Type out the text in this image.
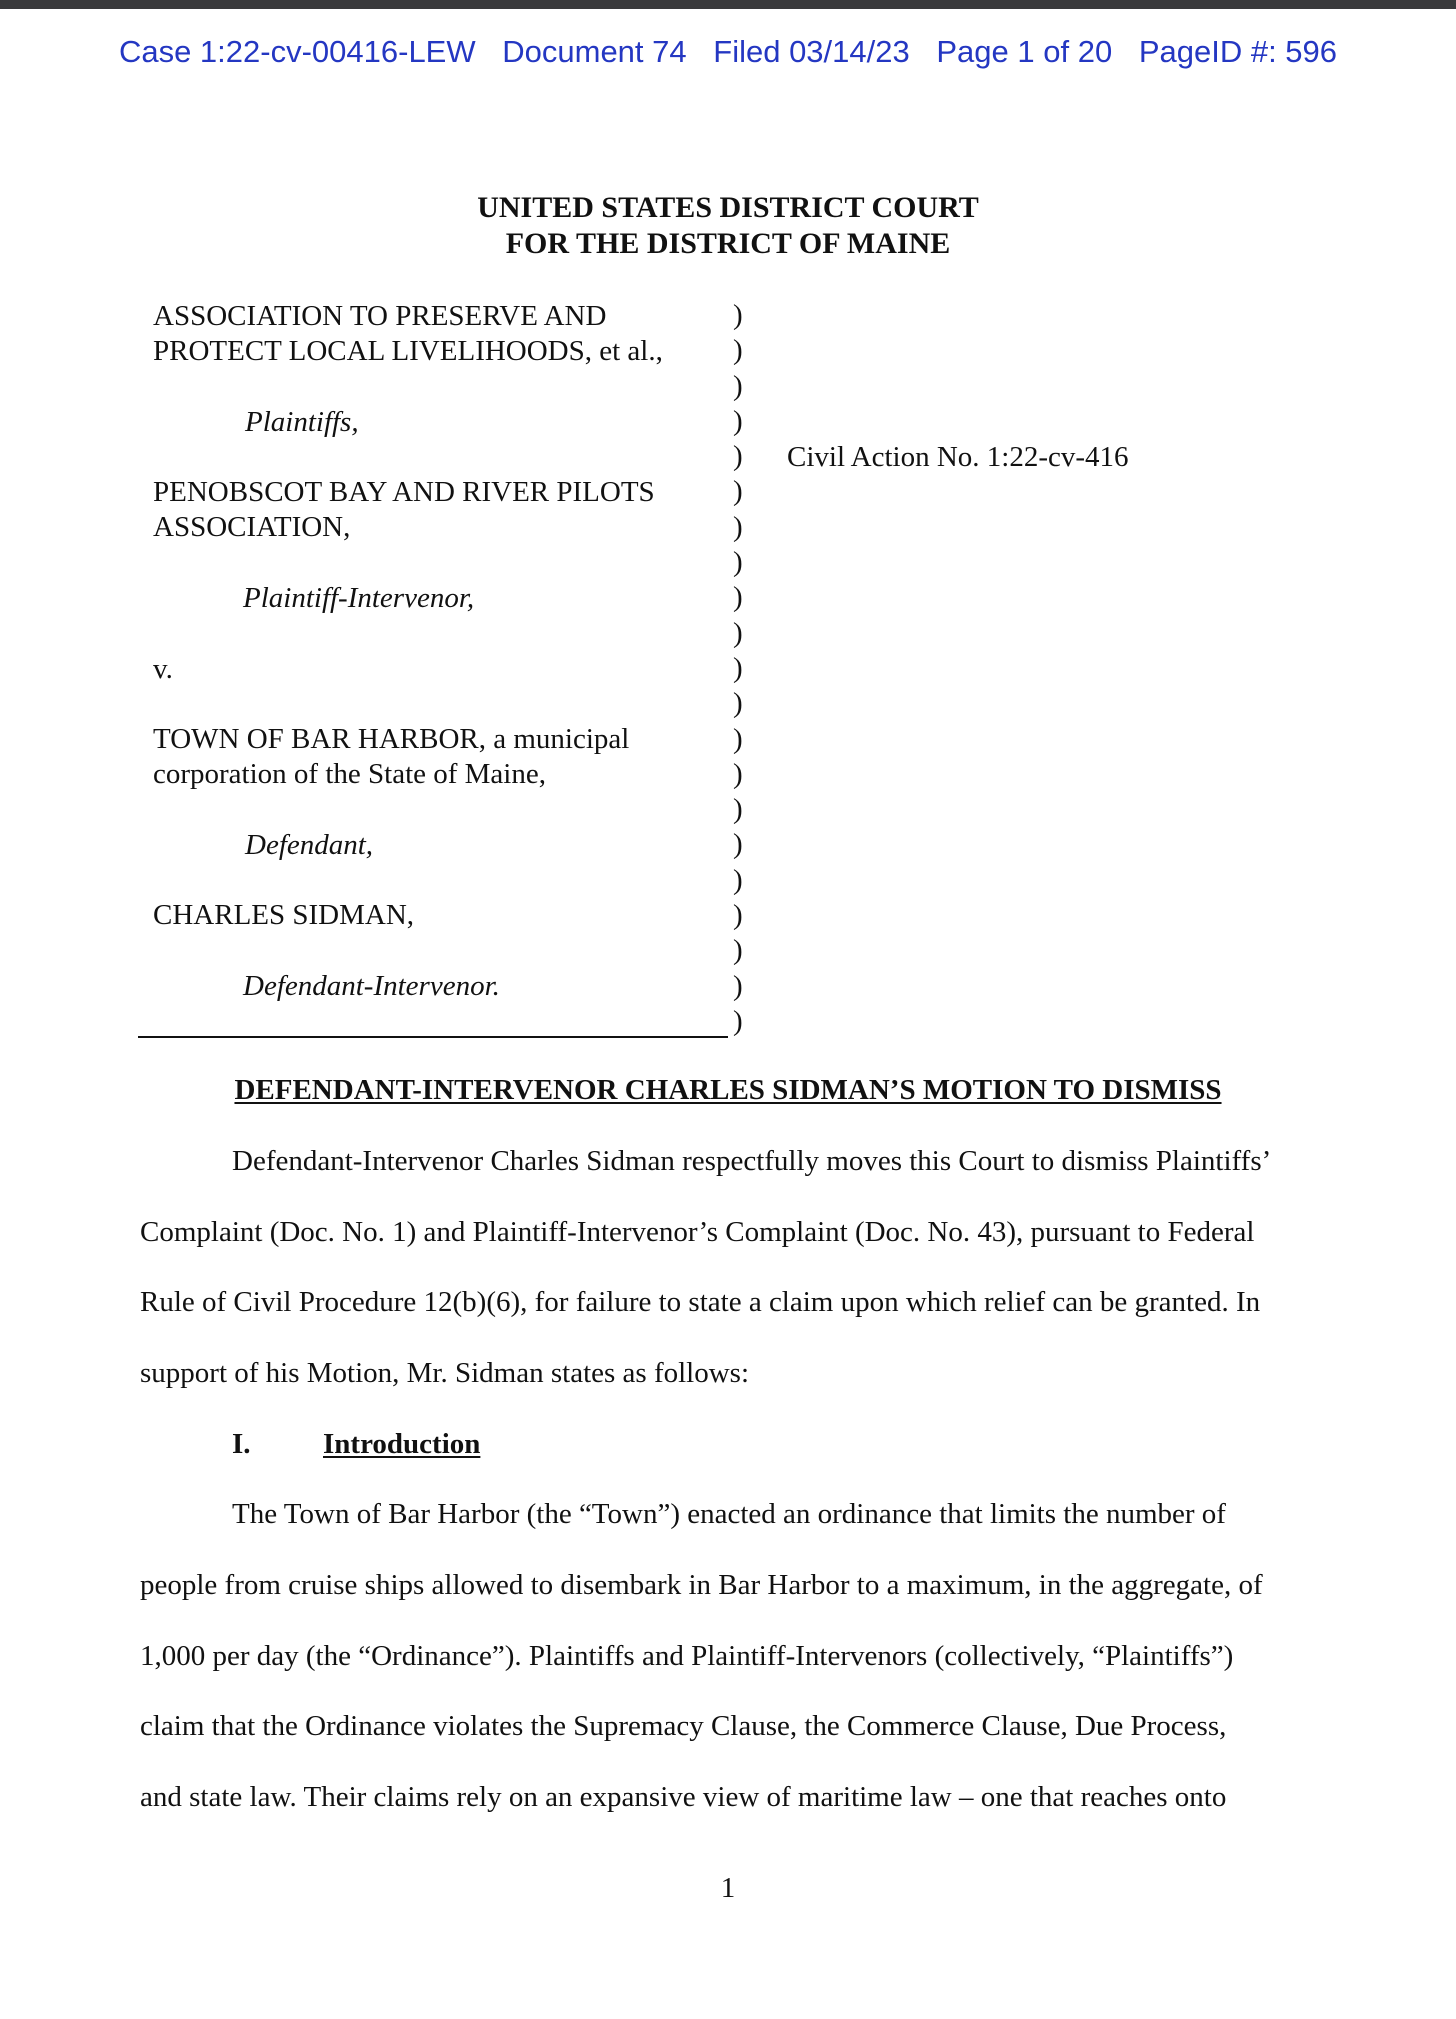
Case 1:22-cv-00416-LEW Document 74 Filed 03/14/23 Page 1 of 20 PageID #: 596
UNITED STATES DISTRICT COURT
FOR THE DISTRICT OF MAINE
ASSOCIATION TO PRESERVE AND
PROTECT LOCAL LIVELIHOODS, et al.,
Plaintiffs,
PENOBSCOT BAY AND RIVER PILOTS
ASSOCIATION,
Plaintiff-Intervenor,
v.
TOWN OF BAR HARBOR, a municipal
corporation of the State of Maine,
Defendant,
CHARLES SIDMAN,
Defendant-Intervenor.
)
)
)
)
)
)
)
)
)
)
)
)
)
)
)
)
)
)
)
)
)
Civil Action No. 1:22-cv-416
DEFENDANT-INTERVENOR CHARLES SIDMAN’S MOTION TO DISMISS
Defendant-Intervenor Charles Sidman respectfully moves this Court to dismiss Plaintiffs’
Complaint (Doc. No. 1) and Plaintiff-Intervenor’s Complaint (Doc. No. 43), pursuant to Federal
Rule of Civil Procedure 12(b)(6), for failure to state a claim upon which relief can be granted. In
support of his Motion, Mr. Sidman states as follows:
I. Introduction
The Town of Bar Harbor (the “Town”) enacted an ordinance that limits the number of
people from cruise ships allowed to disembark in Bar Harbor to a maximum, in the aggregate, of
1,000 per day (the “Ordinance”). Plaintiffs and Plaintiff-Intervenors (collectively, “Plaintiffs”)
claim that the Ordinance violates the Supremacy Clause, the Commerce Clause, Due Process,
and state law. Their claims rely on an expansive view of maritime law – one that reaches onto
1
